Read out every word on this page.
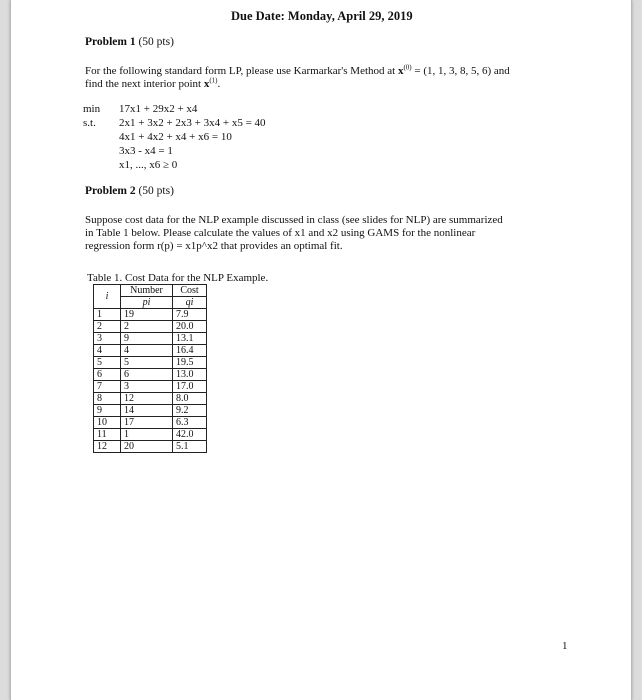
Due Date: Monday, April 29, 2019
Problem 1 (50 pts)
For the following standard form LP, please use Karmarkar's Method at $x^{(0)} = (1$, 1, 3, 8, 5, 6) and
find the next interior point $x^{(1)}$.
min 17x1 + 29x2 + x4
s.t. 2x1 + 3x2 + 2x3 + 3x4 + x5 = 40
4x1 + 4x2 + x4 + x6 = 10
3x3 - x4 = 1
x1, ..., x6 ≥ 0
Problem 2 (50 pts)
Suppose cost data for the NLP example discussed in class (see slides for NLP) are summarized
in Table 1 below. Please calculate the values of x1 and x2 using GAMS for the nonlinear
regression form r(p) = x1p^x2 that provides an optimal fit.
Table 1. Cost Data for the NLP Example.
i	Number	Cost
	pi	qi
1	19	7.9
2	2	20.0
3	9	13.1
4	4	16.4
5	5	19.5
6	6	13.0
7	3	17.0
8	12	8.0
9	14	9.2
10	17	6.3
11	1	42.0
12	20	5.1
1
